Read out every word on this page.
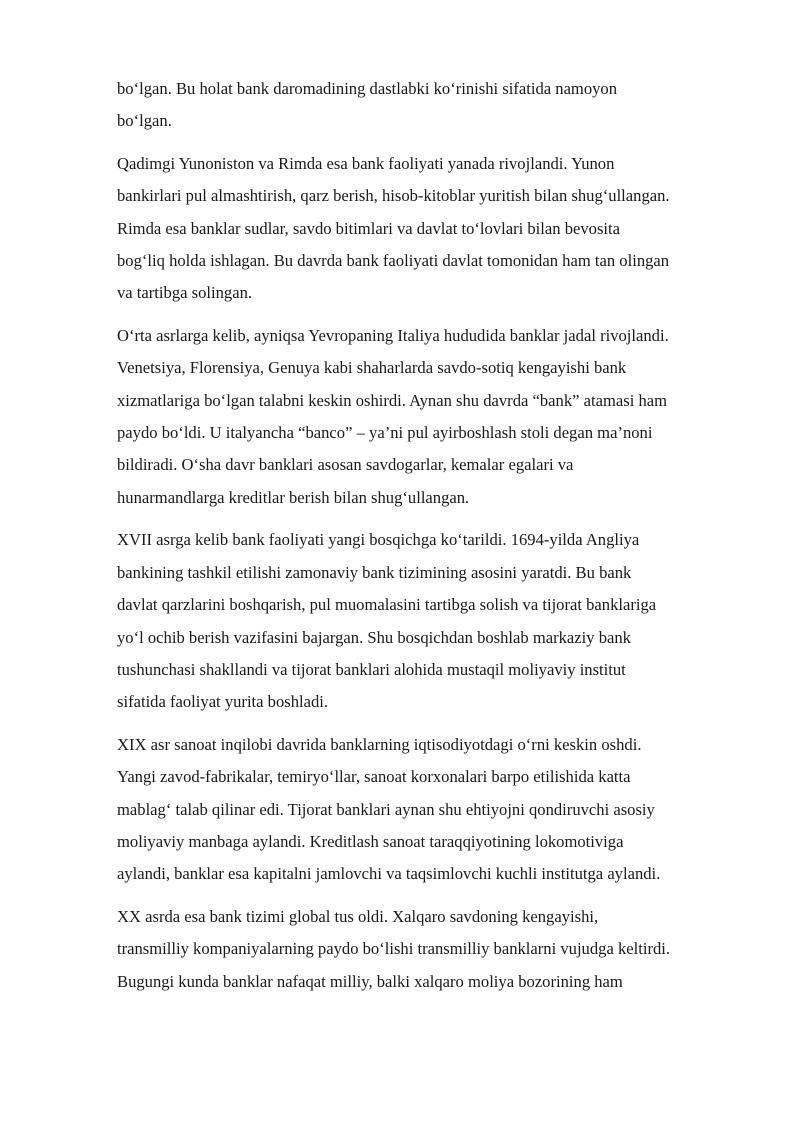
bo‘lgan. Bu holat bank daromadining dastlabki ko‘rinishi sifatida namoyon
bo‘lgan.

Qadimgi Yunoniston va Rimda esa bank faoliyati yanada rivojlandi. Yunon
bankirlari pul almashtirish, qarz berish, hisob-kitoblar yuritish bilan shug‘ullangan.
Rimda esa banklar sudlar, savdo bitimlari va davlat to‘lovlari bilan bevosita
bog‘liq holda ishlagan. Bu davrda bank faoliyati davlat tomonidan ham tan olingan
va tartibga solingan.

O‘rta asrlarga kelib, ayniqsa Yevropaning Italiya hududida banklar jadal rivojlandi.
Venetsiya, Florensiya, Genuya kabi shaharlarda savdo-sotiq kengayishi bank
xizmatlariga bo‘lgan talabni keskin oshirdi. Aynan shu davrda “bank” atamasi ham
paydo bo‘ldi. U italyancha “banco” – ya’ni pul ayirboshlash stoli degan ma’noni
bildiradi. O‘sha davr banklari asosan savdogarlar, kemalar egalari va
hunarmandlarga kreditlar berish bilan shug‘ullangan.

XVII asrga kelib bank faoliyati yangi bosqichga ko‘tarildi. 1694-yilda Angliya
bankining tashkil etilishi zamonaviy bank tizimining asosini yaratdi. Bu bank
davlat qarzlarini boshqarish, pul muomalasini tartibga solish va tijorat banklariga
yo‘l ochib berish vazifasini bajargan. Shu bosqichdan boshlab markaziy bank
tushunchasi shakllandi va tijorat banklari alohida mustaqil moliyaviy institut
sifatida faoliyat yurita boshladi.

XIX asr sanoat inqilobi davrida banklarning iqtisodiyotdagi o‘rni keskin oshdi.
Yangi zavod-fabrikalar, temiryo‘llar, sanoat korxonalari barpo etilishida katta
mablag‘ talab qilinar edi. Tijorat banklari aynan shu ehtiyojni qondiruvchi asosiy
moliyaviy manbaga aylandi. Kreditlash sanoat taraqqiyotining lokomotiviga
aylandi, banklar esa kapitalni jamlovchi va taqsimlovchi kuchli institutga aylandi.

XX asrda esa bank tizimi global tus oldi. Xalqaro savdoning kengayishi,
transmilliy kompaniyalarning paydo bo‘lishi transmilliy banklarni vujudga keltirdi.
Bugungi kunda banklar nafaqat milliy, balki xalqaro moliya bozorining ham
